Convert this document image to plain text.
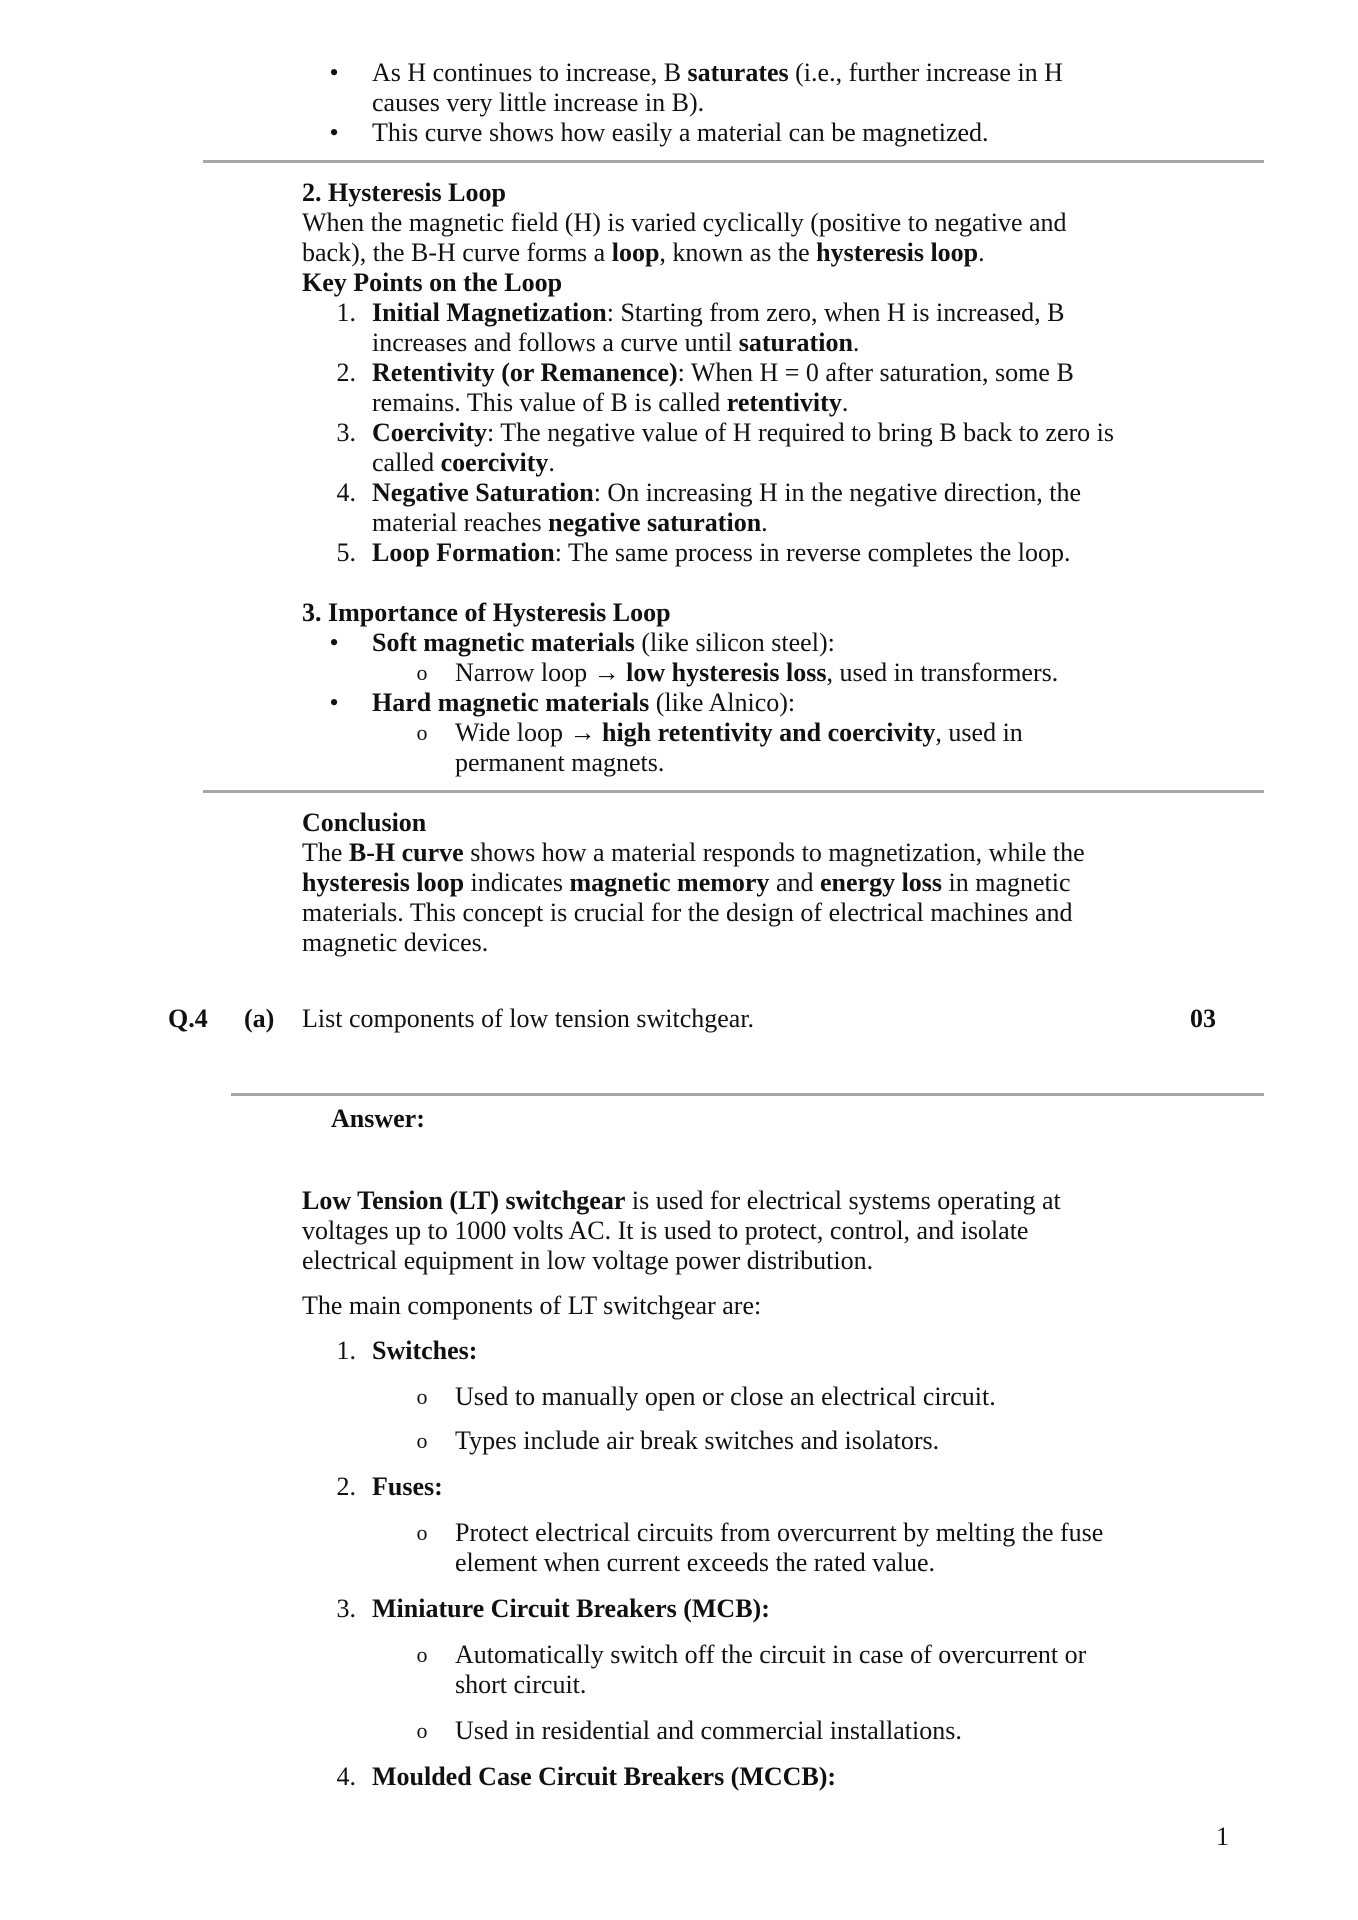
• As H continues to increase, B saturates (i.e., further increase in H
causes very little increase in B).
• This curve shows how easily a material can be magnetized.
2. Hysteresis Loop
When the magnetic field (H) is varied cyclically (positive to negative and
back), the B-H curve forms a loop, known as the hysteresis loop.
Key Points on the Loop
1. Initial Magnetization: Starting from zero, when H is increased, B
increases and follows a curve until saturation.
2. Retentivity (or Remanence): When H = 0 after saturation, some B
remains. This value of B is called retentivity.
3. Coercivity: The negative value of H required to bring B back to zero is
called coercivity.
4. Negative Saturation: On increasing H in the negative direction, the
material reaches negative saturation.
5. Loop Formation: The same process in reverse completes the loop.
3. Importance of Hysteresis Loop
• Soft magnetic materials (like silicon steel):
o Narrow loop → low hysteresis loss, used in transformers.
• Hard magnetic materials (like Alnico):
o Wide loop → high retentivity and coercivity, used in
permanent magnets.
Conclusion
The B-H curve shows how a material responds to magnetization, while the
hysteresis loop indicates magnetic memory and energy loss in magnetic
materials. This concept is crucial for the design of electrical machines and
magnetic devices.
Q.4 (a) List components of low tension switchgear.	03
Answer:
Low Tension (LT) switchgear is used for electrical systems operating at
voltages up to 1000 volts AC. It is used to protect, control, and isolate
electrical equipment in low voltage power distribution.
The main components of LT switchgear are:
1. Switches:
o Used to manually open or close an electrical circuit.
o Types include air break switches and isolators.
2. Fuses:
o Protect electrical circuits from overcurrent by melting the fuse
element when current exceeds the rated value.
3. Miniature Circuit Breakers (MCB):
o Automatically switch off the circuit in case of overcurrent or
short circuit.
o Used in residential and commercial installations.
4. Moulded Case Circuit Breakers (MCCB):
1
